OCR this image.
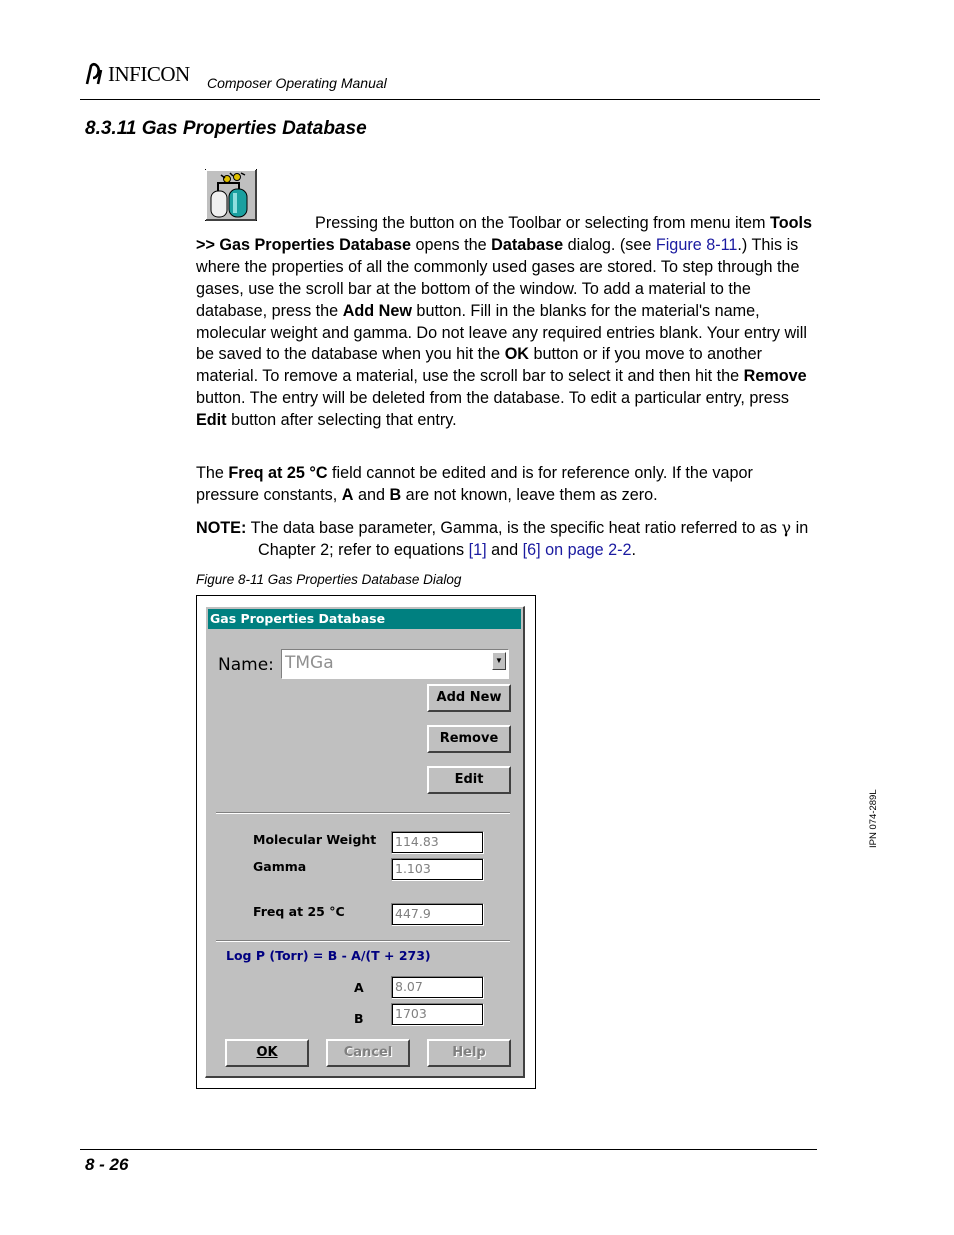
INFICON Composer Operating Manual
8.3.11 Gas Properties Database
Pressing the button on the Toolbar or selecting from menu item Tools
>> Gas Properties Database opens the Database dialog. (see Figure 8-11.) This is where the properties of all the commonly used gases are stored. To step through the gases, use the scroll bar at the bottom of the window. To add a material to the database, press the Add New button. Fill in the blanks for the material's name, molecular weight and gamma. Do not leave any required entries blank. Your entry will be saved to the database when you hit the OK button or if you move to another material. To remove a material, use the scroll bar to select it and then hit the Remove button. The entry will be deleted from the database. To edit a particular entry, press Edit button after selecting that entry.
The Freq at 25 °C field cannot be edited and is for reference only. If the vapor pressure constants, A and B are not known, leave them as zero.
NOTE: The data base parameter, Gamma, is the specific heat ratio referred to as γ in Chapter 2; refer to equations [1] and [6] on page 2-2.
Figure 8-11 Gas Properties Database Dialog
Gas Properties Database
Name: TMGa	▼
Add New
Remove
Edit
Molecular Weight	114.83
Gamma	1.103
Freq at 25 °C	447.9
Log P (Torr) = B - A/(T + 273)
A	8.07
B	1703
OK	Cancel	Help
IPN 074-289L
8 - 26
